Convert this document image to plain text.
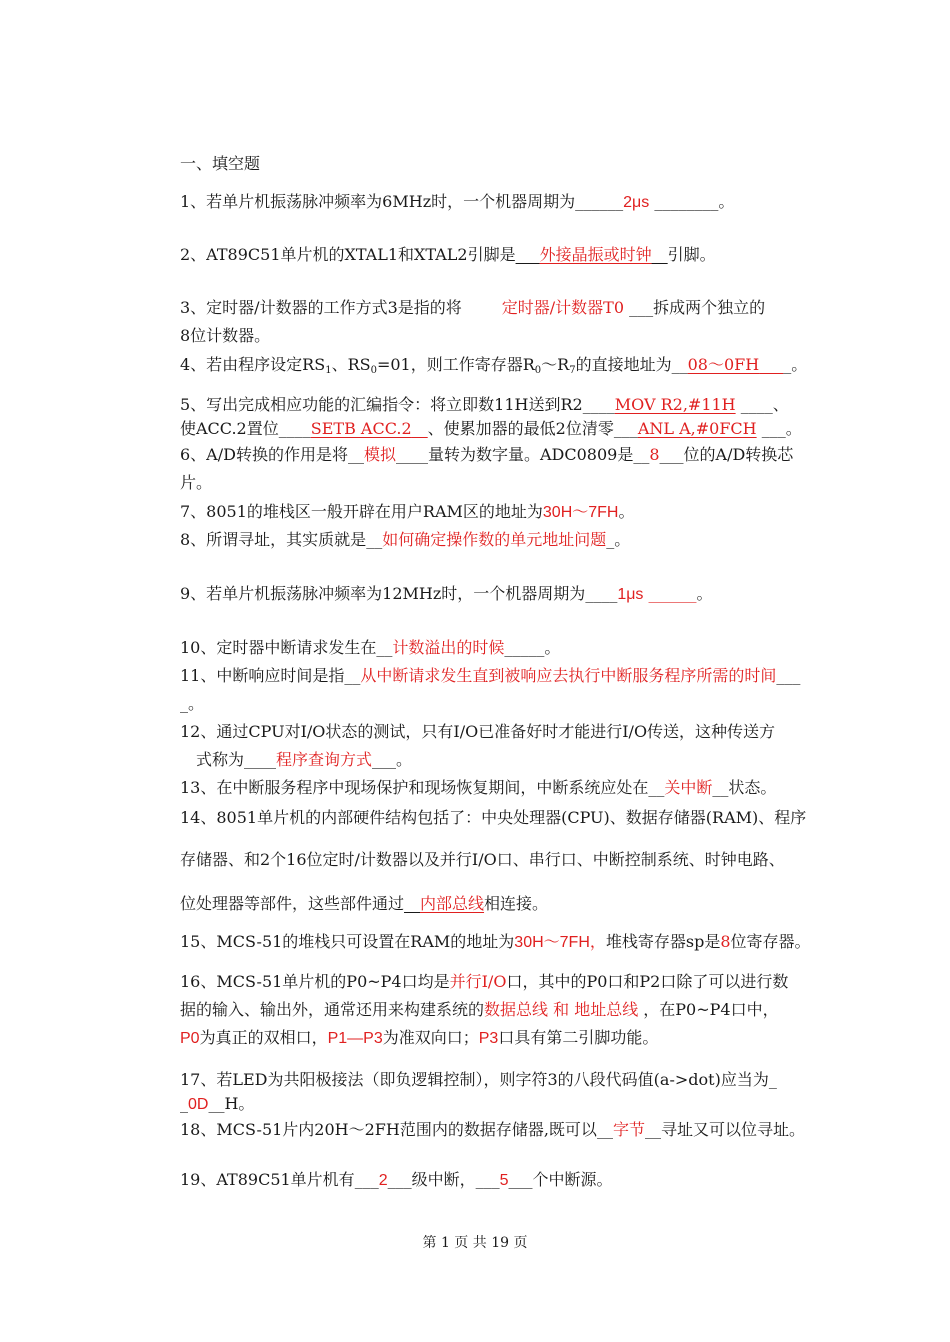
一、填空题
1、若单片机振荡脉冲频率为6MHz时，一个机器周期为______2μs ________。
2、AT89C51单片机的XTAL1和XTAL2引脚是___外接晶振或时钟__引脚。
3、定时器/计数器的工作方式3是指的将	定时器/计数器T0 ___拆成两个独立的
8位计数器。
4、若由程序设定$RS_1$、$RS_0=01$，则工作寄存器$R_0\sim R_7$的直接地址为__08～0FH____。
5、写出完成相应功能的汇编指令：将立即数11H送到R2____MOV R2,#11H ____、
使ACC.2置位____SETB ACC.2__、使累加器的最低2位清零___ANL A,#0FCH ___。
6、A/D转换的作用是将__模拟____量转为数字量。ADC0809是__8___位的A/D转换芯
片。
7、8051的堆栈区一般开辟在用户RAM区的地址为30H～7FH。
8、所谓寻址，其实质就是__如何确定操作数的单元地址问题_。
9、若单片机振荡脉冲频率为12MHz时，一个机器周期为____1μs ______。
10、定时器中断请求发生在__计数溢出的时候_____。
11、中断响应时间是指__从中断请求发生直到被响应去执行中断服务程序所需的时间___
_。
12、通过CPU对I/O状态的测试，只有I/O已准备好时才能进行I/O传送，这种传送方
式称为____程序查询方式___。
13、在中断服务程序中现场保护和现场恢复期间，中断系统应处在__关中断__状态。
14、8051单片机的内部硬件结构包括了：中央处理器(CPU)、数据存储器(RAM)、程序
存储器、和2个16位定时/计数器以及并行I/O口、串行口、中断控制系统、时钟电路、
位处理器等部件，这些部件通过__内部总线相连接。
15、MCS-51的堆栈只可设置在RAM的地址为30H～7FH，堆栈寄存器sp是8位寄存器。
16、MCS-51单片机的P0~P4口均是并行I/O口，其中的P0口和P2口除了可以进行数
据的输入、输出外，通常还用来构建系统的数据总线 和 地址总线 ，在P0~P4口中，
P0为真正的双相口，P1—P3为准双向口；P3口具有第二引脚功能。
17、若LED为共阳极接法（即负逻辑控制），则字符3的八段代码值(a->dot)应当为_
_0D__H。
18、MCS-51片内20H～2FH范围内的数据存储器,既可以__字节__寻址又可以位寻址。
19、AT89C51单片机有___2___级中断，___5___个中断源。
第 1 页 共 19 页
